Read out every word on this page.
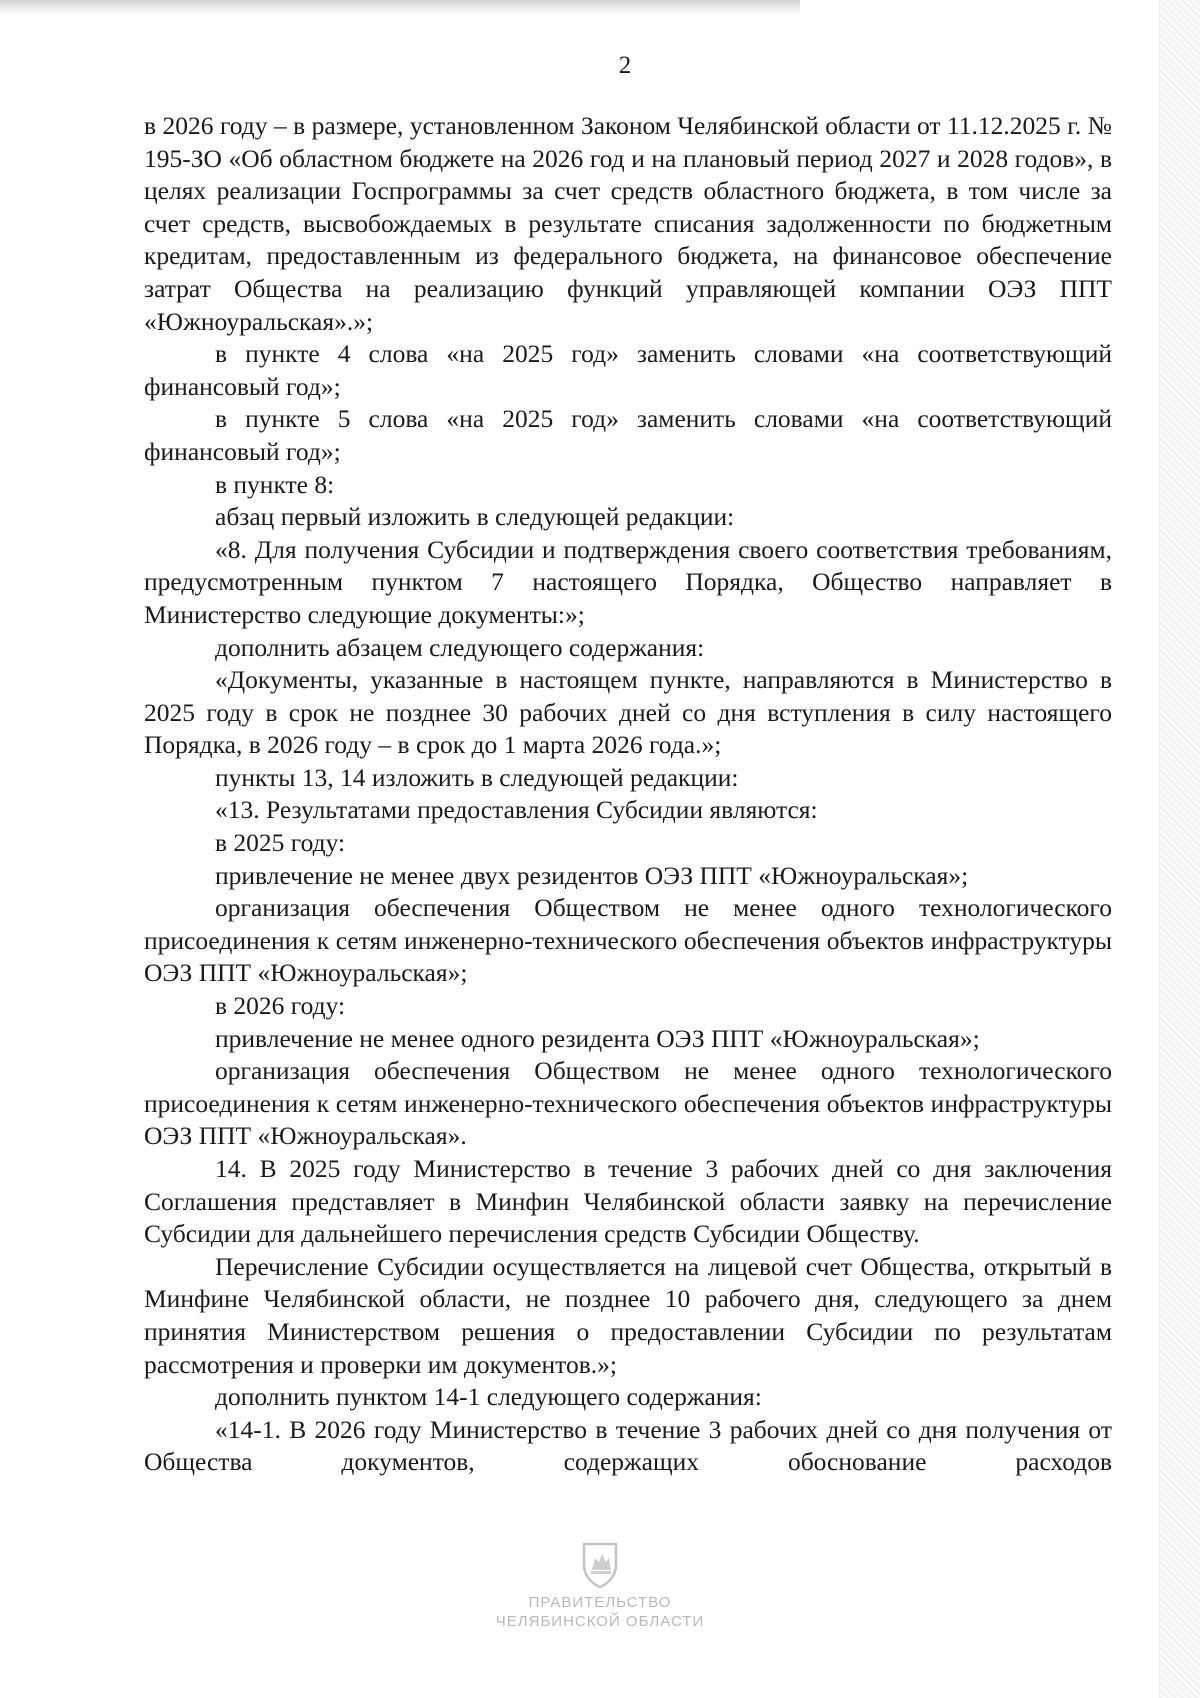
2

в 2026 году – в размере, установленном Законом Челябинской области от 11.12.2025 г. № 195-ЗО «Об областном бюджете на 2026 год и на плановый период 2027 и 2028 годов», в целях реализации Госпрограммы за счет средств областного бюджета, в том числе за счет средств, высвобождаемых в результате списания задолженности по бюджетным кредитам, предоставленным из федерального бюджета, на финансовое обеспечение затрат Общества на реализацию функций управляющей компании ОЭЗ ППТ «Южноуральская».»;

в пункте 4 слова «на 2025 год» заменить словами «на соответствующий финансовый год»;

в пункте 5 слова «на 2025 год» заменить словами «на соответствующий финансовый год»;

в пункте 8:

абзац первый изложить в следующей редакции:

«8. Для получения Субсидии и подтверждения своего соответствия требованиям, предусмотренным пунктом 7 настоящего Порядка, Общество направляет в Министерство следующие документы:»;

дополнить абзацем следующего содержания:

«Документы, указанные в настоящем пункте, направляются в Министерство в 2025 году в срок не позднее 30 рабочих дней со дня вступления в силу настоящего Порядка, в 2026 году – в срок до 1 марта 2026 года.»;

пункты 13, 14 изложить в следующей редакции:

«13. Результатами предоставления Субсидии являются:

в 2025 году:

привлечение не менее двух резидентов ОЭЗ ППТ «Южноуральская»;

организация обеспечения Обществом не менее одного технологического присоединения к сетям инженерно-технического обеспечения объектов инфраструктуры ОЭЗ ППТ «Южноуральская»;

в 2026 году:

привлечение не менее одного резидента ОЭЗ ППТ «Южноуральская»;

организация обеспечения Обществом не менее одного технологического присоединения к сетям инженерно-технического обеспечения объектов инфраструктуры ОЭЗ ППТ «Южноуральская».

14. В 2025 году Министерство в течение 3 рабочих дней со дня заключения Соглашения представляет в Минфин Челябинской области заявку на перечисление Субсидии для дальнейшего перечисления средств Субсидии Обществу.

Перечисление Субсидии осуществляется на лицевой счет Общества, открытый в Минфине Челябинской области, не позднее 10 рабочего дня, следующего за днем принятия Министерством решения о предоставлении Субсидии по результатам рассмотрения и проверки им документов.»;

дополнить пунктом 14-1 следующего содержания:

«14-1. В 2026 году Министерство в течение 3 рабочих дней со дня получения от Общества документов, содержащих обоснование расходов

ПРАВИТЕЛЬСТВО
ЧЕЛЯБИНСКОЙ ОБЛАСТИ
